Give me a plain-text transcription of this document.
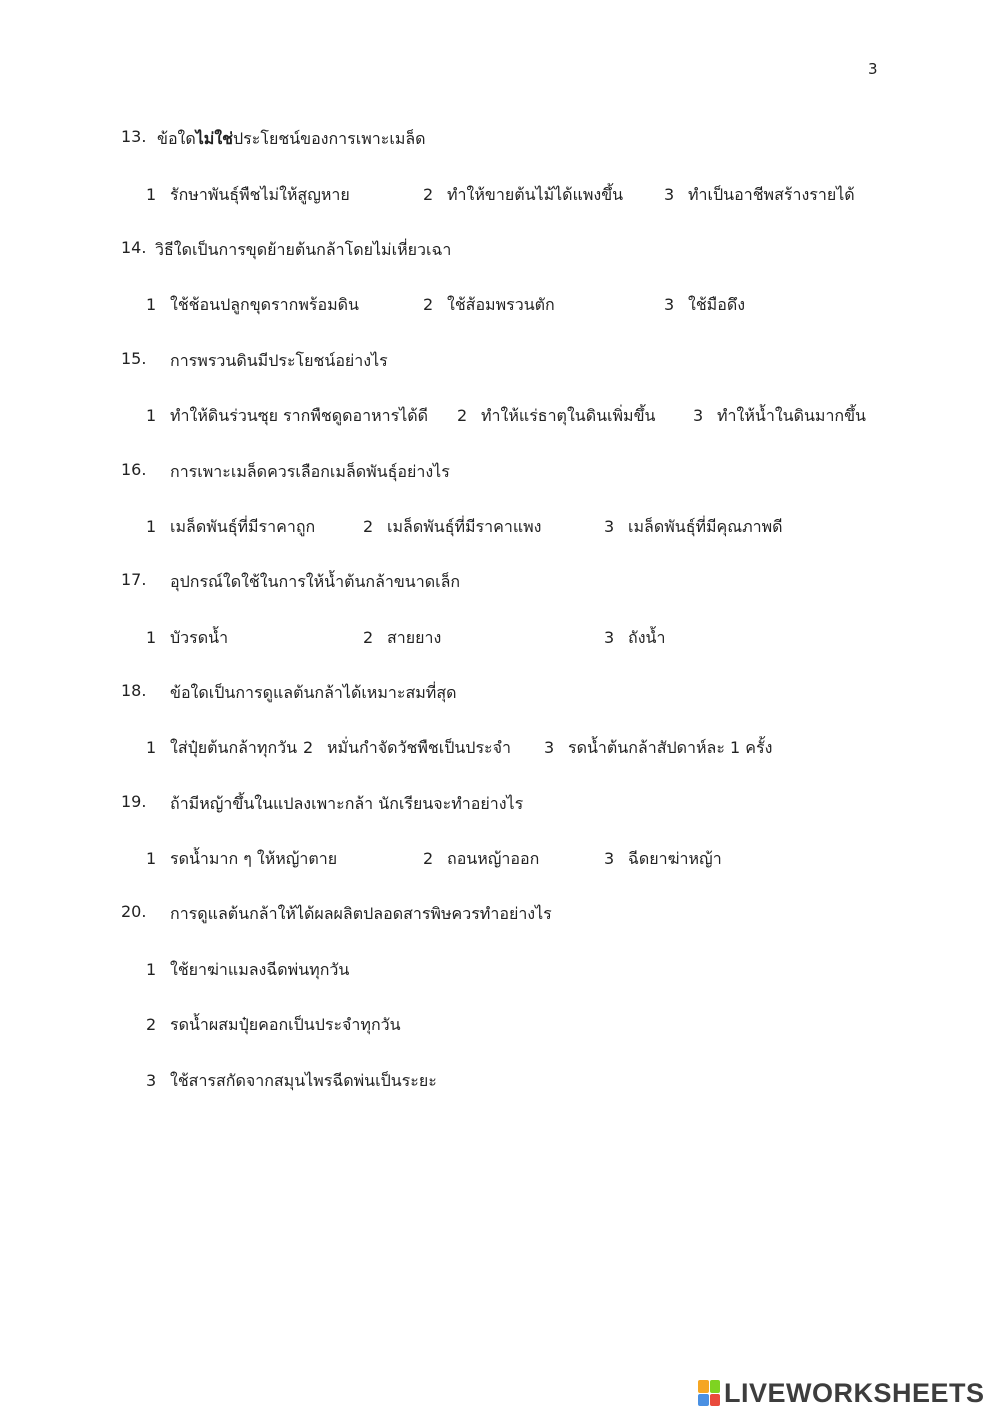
3
13. ข้อใดไม่ใช่ประโยชน์ของการเพาะเมล็ด
1 รักษาพันธุ์พืชไม่ให้สูญหาย	2 ทำให้ขายต้นไม้ได้แพงขึ้น	3 ทำเป็นอาชีพสร้างรายได้
14. วิธีใดเป็นการขุดย้ายต้นกล้าโดยไม่เหี่ยวเฉา
1 ใช้ช้อนปลูกขุดรากพร้อมดิน	2 ใช้ส้อมพรวนตัก	3 ใช้มือดึง
15. การพรวนดินมีประโยชน์อย่างไร
1 ทำให้ดินร่วนซุย รากพืชดูดอาหารได้ดี 2 ทำให้แร่ธาตุในดินเพิ่มขึ้น 3 ทำให้น้ำในดินมากขึ้น
16. การเพาะเมล็ดควรเลือกเมล็ดพันธุ์อย่างไร
1 เมล็ดพันธุ์ที่มีราคาถูก	2 เมล็ดพันธุ์ที่มีราคาแพง	3 เมล็ดพันธุ์ที่มีคุณภาพดี
17. อุปกรณ์ใดใช้ในการให้น้ำต้นกล้าขนาดเล็ก
1 บัวรดน้ำ	2 สายยาง	3 ถังน้ำ
18. ข้อใดเป็นการดูแลต้นกล้าได้เหมาะสมที่สุด
1 ใส่ปุ๋ยต้นกล้าทุกวัน 2 หมั่นกำจัดวัชพืชเป็นประจำ 3 รดน้ำต้นกล้าสัปดาห์ละ 1 ครั้ง
19. ถ้ามีหญ้าขึ้นในแปลงเพาะกล้า นักเรียนจะทำอย่างไร
1 รดน้ำมาก ๆ ให้หญ้าตาย	2 ถอนหญ้าออก	3 ฉีดยาฆ่าหญ้า
20. การดูแลต้นกล้าให้ได้ผลผลิตปลอดสารพิษควรทำอย่างไร
1 ใช้ยาฆ่าแมลงฉีดพ่นทุกวัน
2 รดน้ำผสมปุ๋ยคอกเป็นประจำทุกวัน
3 ใช้สารสกัดจากสมุนไพรฉีดพ่นเป็นระยะ
LIVEWORKSHEETS
